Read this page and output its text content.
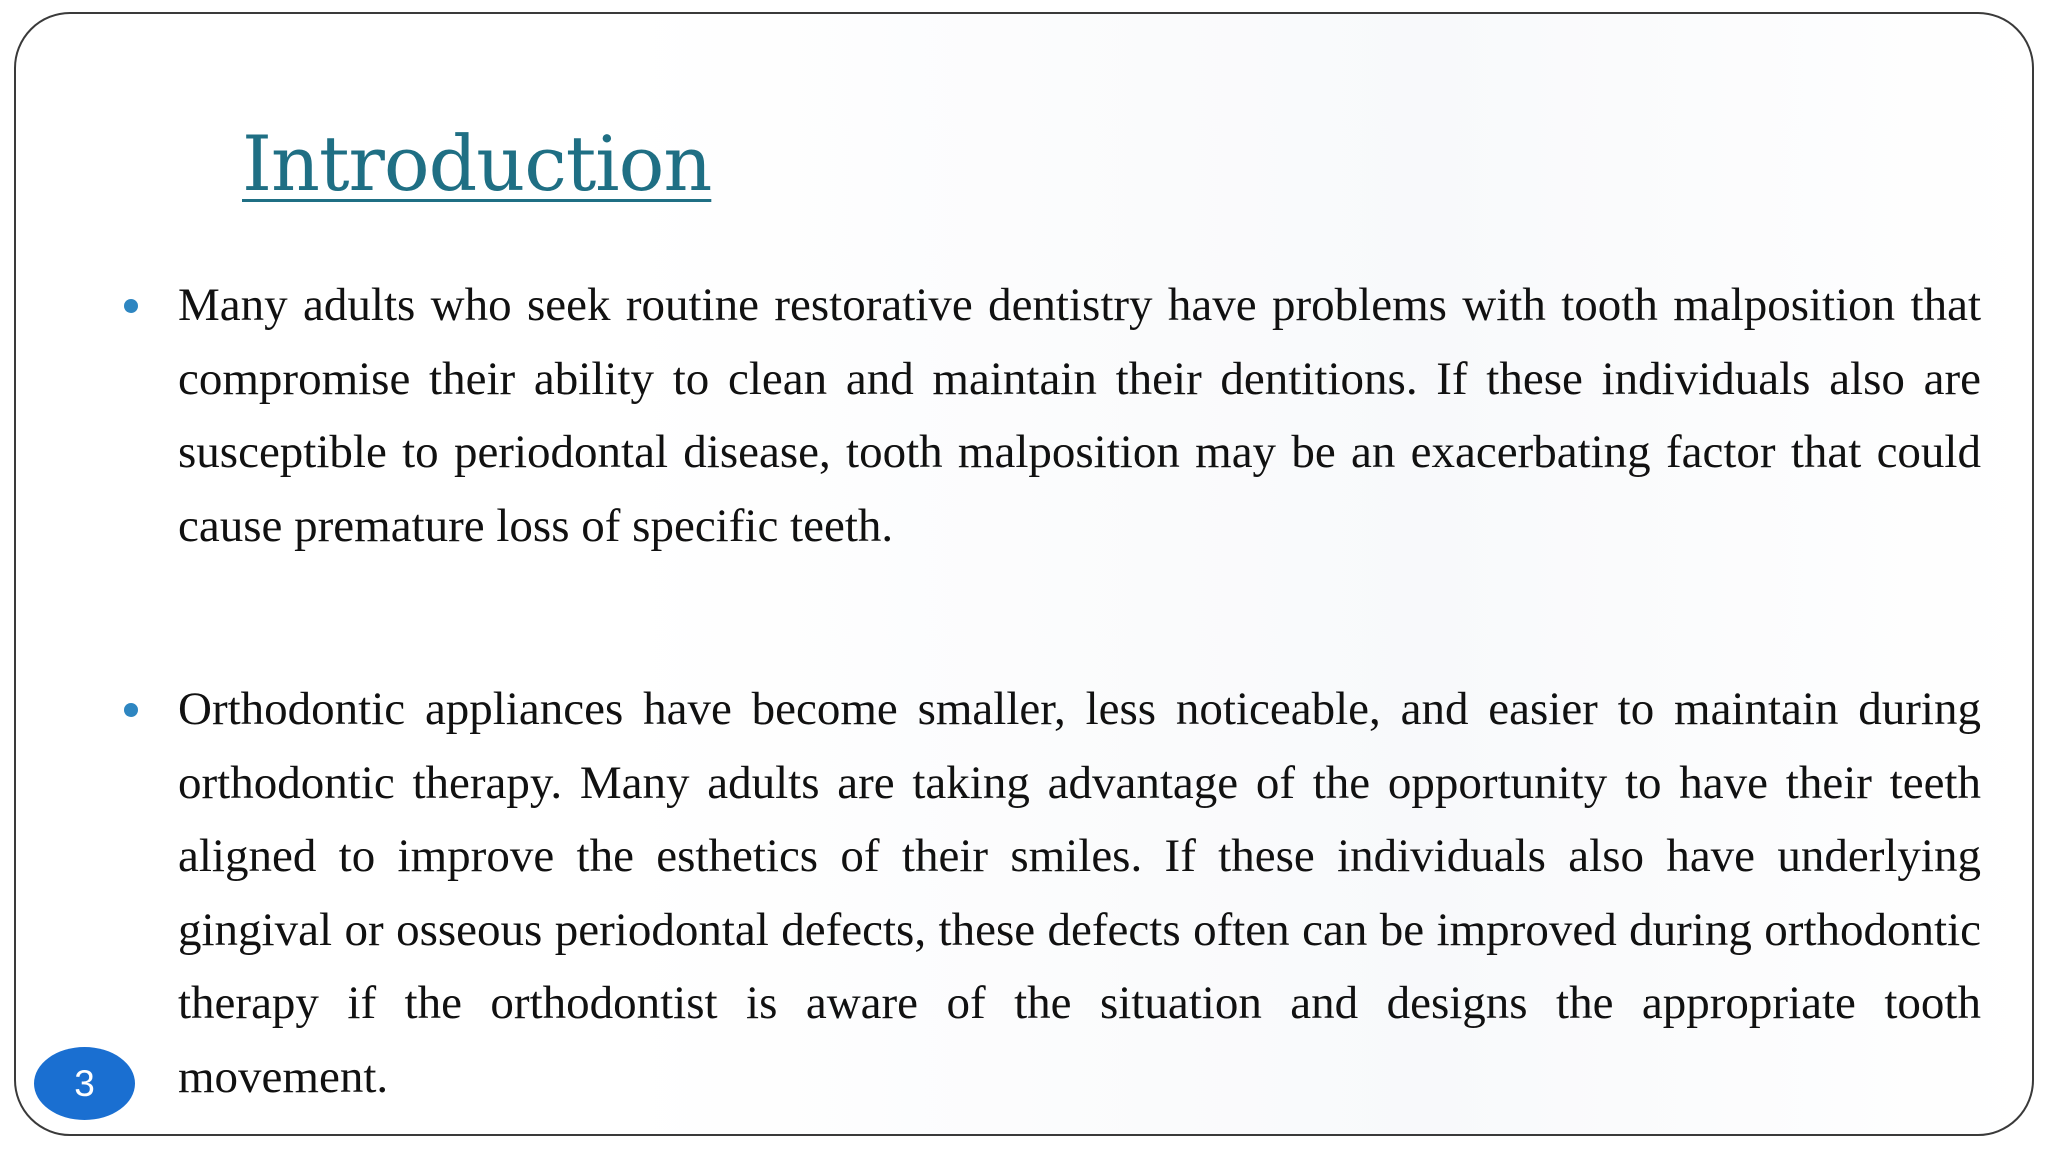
Introduction
Many adults who seek routine restorative dentistry have problems with tooth malposition that compromise their ability to clean and maintain their dentitions. If these individuals also are susceptible to periodontal disease, tooth malposition may be an exacerbating factor that could cause premature loss of specific teeth.
Orthodontic appliances have become smaller, less noticeable, and easier to maintain during orthodontic therapy. Many adults are taking advantage of the opportunity to have their teeth aligned to improve the esthetics of their smiles. If these individuals also have underlying gingival or osseous periodontal defects, these defects often can be improved during orthodontic therapy if the orthodontist is aware of the situation and designs the appropriate tooth movement.
3
